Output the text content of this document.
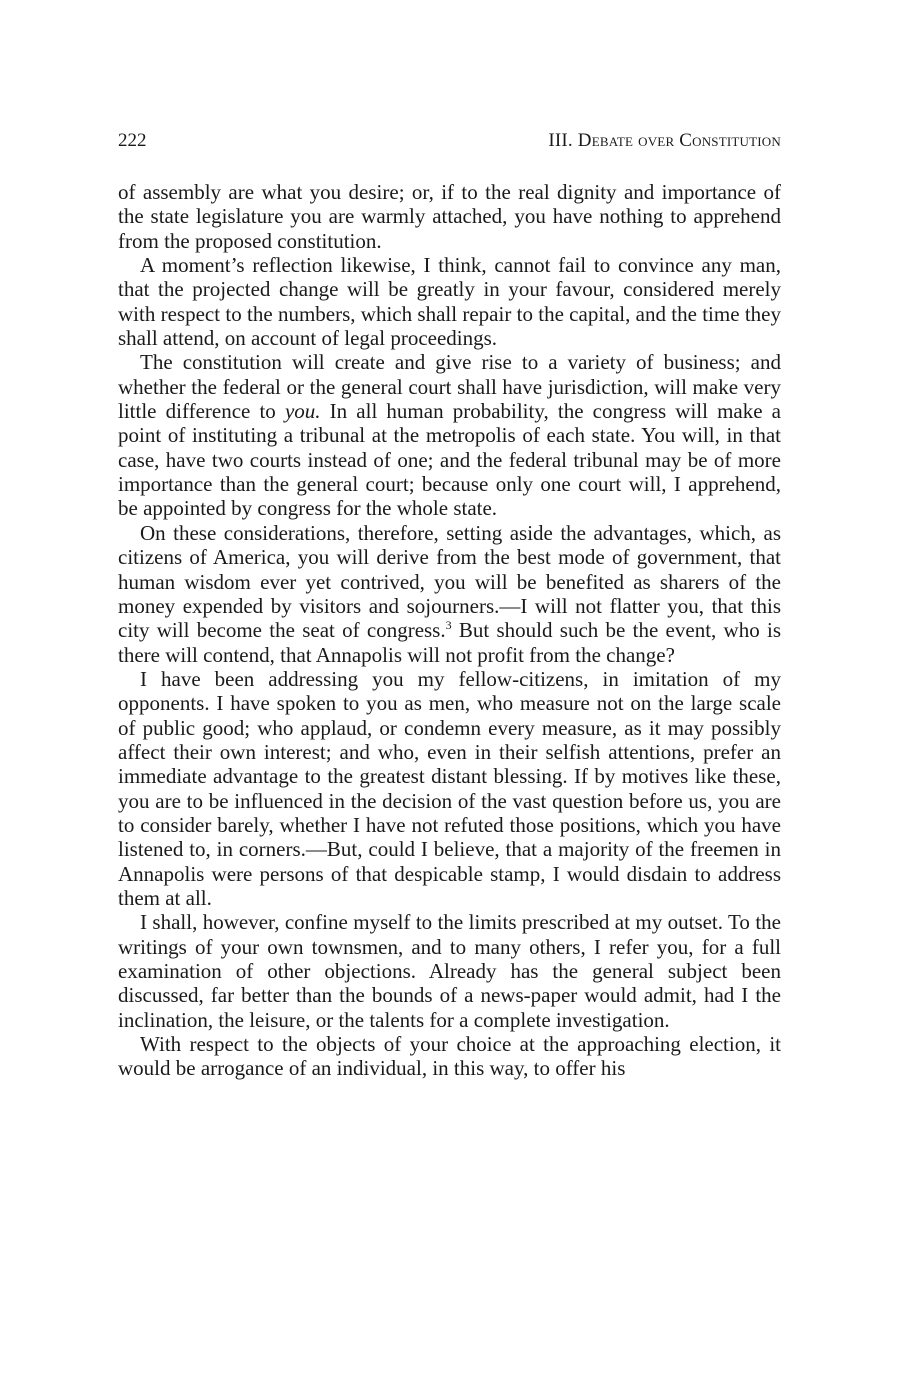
222	III. Debate over Constitution

of assembly are what you desire; or, if to the real dignity and importance of the state legislature you are warmly attached, you have nothing to apprehend from the proposed constitution.

A moment’s reflection likewise, I think, cannot fail to convince any man, that the projected change will be greatly in your favour, considered merely with respect to the numbers, which shall repair to the capital, and the time they shall attend, on account of legal proceedings.

The constitution will create and give rise to a variety of business; and whether the federal or the general court shall have jurisdiction, will make very little difference to you. In all human probability, the congress will make a point of instituting a tribunal at the metropolis of each state. You will, in that case, have two courts instead of one; and the federal tribunal may be of more importance than the general court; because only one court will, I apprehend, be appointed by congress for the whole state.

On these considerations, therefore, setting aside the advantages, which, as citizens of America, you will derive from the best mode of government, that human wisdom ever yet contrived, you will be benefited as sharers of the money expended by visitors and sojourners.—I will not flatter you, that this city will become the seat of congress.$^3$ But should such be the event, who is there will contend, that Annapolis will not profit from the change?

I have been addressing you my fellow-citizens, in imitation of my opponents. I have spoken to you as men, who measure not on the large scale of public good; who applaud, or condemn every measure, as it may possibly affect their own interest; and who, even in their selfish attentions, prefer an immediate advantage to the greatest distant blessing. If by motives like these, you are to be influenced in the decision of the vast question before us, you are to consider barely, whether I have not refuted those positions, which you have listened to, in corners.—But, could I believe, that a majority of the freemen in Annapolis were persons of that despicable stamp, I would disdain to address them at all.

I shall, however, confine myself to the limits prescribed at my outset. To the writings of your own townsmen, and to many others, I refer you, for a full examination of other objections. Already has the general subject been discussed, far better than the bounds of a news-paper would admit, had I the inclination, the leisure, or the talents for a complete investigation.

With respect to the objects of your choice at the approaching election, it would be arrogance of an individual, in this way, to offer his
